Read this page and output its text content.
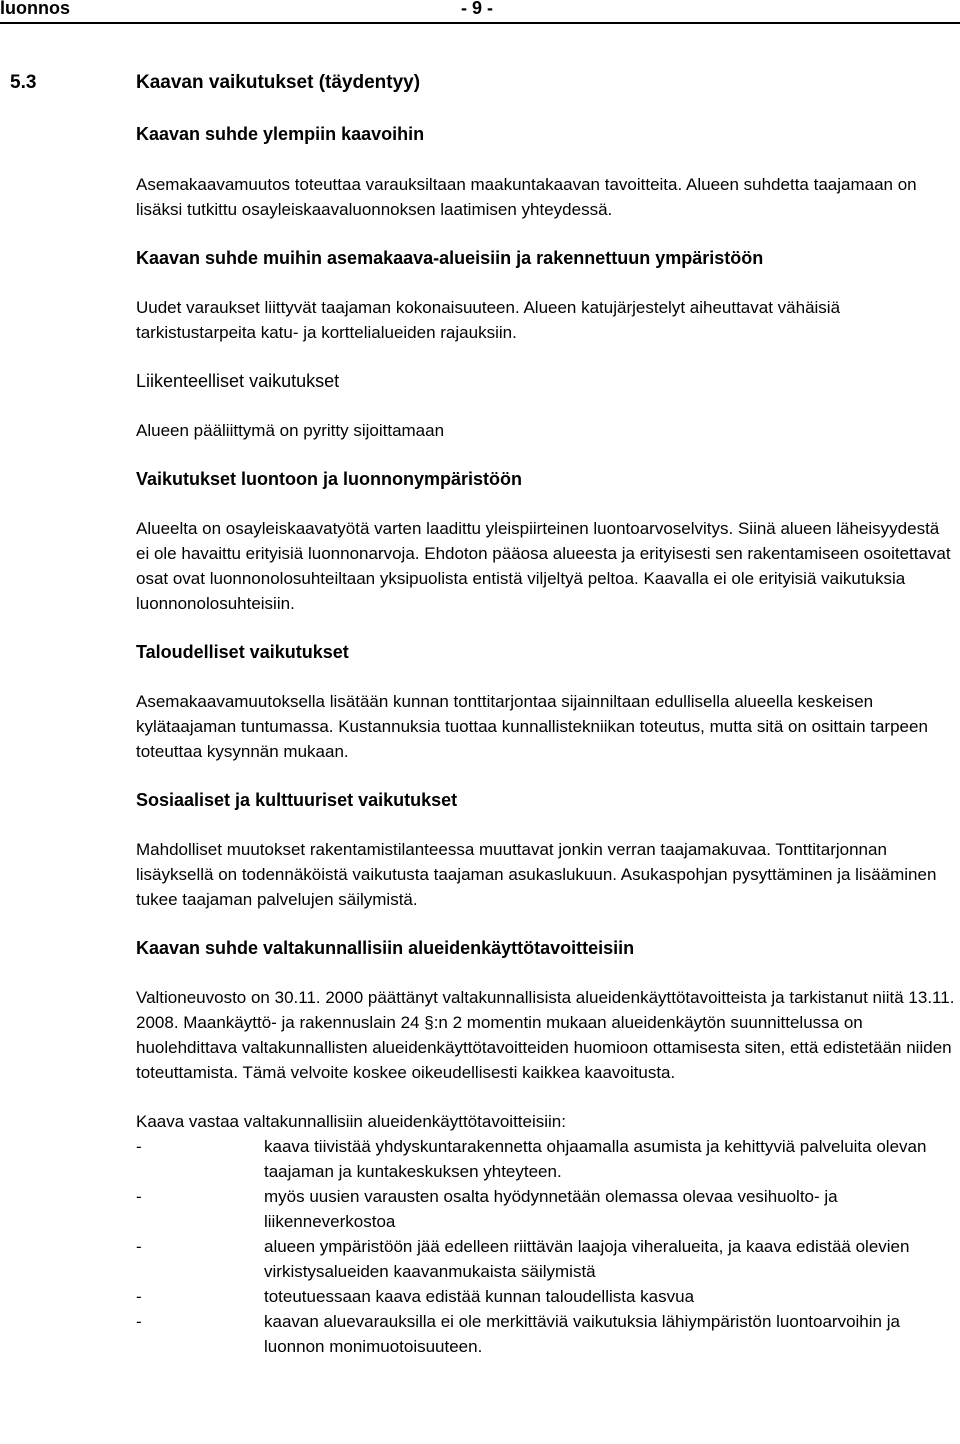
luonnos	- 9 -
5.3	Kaavan vaikutukset (täydentyy)

Kaavan suhde ylempiin kaavoihin

Asemakaavamuutos toteuttaa varauksiltaan maakuntakaavan tavoitteita. Alueen suhdetta taajamaan on lisäksi tutkittu osayleiskaavaluonnoksen laatimisen yhteydessä.

Kaavan suhde muihin asemakaava-alueisiin ja rakennettuun ympäristöön

Uudet varaukset liittyvät taajaman kokonaisuuteen. Alueen katujärjestelyt aiheuttavat vähäisiä tarkistustarpeita katu- ja korttelialueiden rajauksiin.

Liikenteelliset vaikutukset

Alueen pääliittymä on pyritty sijoittamaan

Vaikutukset luontoon ja luonnonympäristöön

Alueelta on osayleiskaavatyötä varten laadittu yleispiirteinen luontoarvoselvitys. Siinä alueen läheisyydestä ei ole havaittu erityisiä luonnonarvoja. Ehdoton pääosa alueesta ja erityisesti sen rakentamiseen osoitettavat osat ovat luonnonolosuhteiltaan yksipuolista entistä viljeltyä peltoa. Kaavalla ei ole erityisiä vaikutuksia luonnonolosuhteisiin.

Taloudelliset vaikutukset

Asemakaavamuutoksella lisätään kunnan tonttitarjontaa sijainniltaan edullisella alueella keskeisen kylätaajaman tuntumassa. Kustannuksia tuottaa kunnallistekniikan toteutus, mutta sitä on osittain tarpeen toteuttaa kysynnän mukaan.

Sosiaaliset ja kulttuuriset vaikutukset

Mahdolliset muutokset rakentamistilanteessa muuttavat jonkin verran taajamakuvaa. Tonttitarjonnan lisäyksellä on todennäköistä vaikutusta taajaman asukaslukuun. Asukaspohjan pysyttäminen ja lisääminen tukee taajaman palvelujen säilymistä.

Kaavan suhde valtakunnallisiin alueidenkäyttötavoitteisiin

Valtioneuvosto on 30.11. 2000 päättänyt valtakunnallisista alueidenkäyttötavoitteista ja tarkistanut niitä 13.11. 2008. Maankäyttö- ja rakennuslain 24 §:n 2 momentin mukaan alueidenkäytön suunnittelussa on huolehdittava valtakunnallisten alueidenkäyttötavoitteiden huomioon ottamisesta siten, että edistetään niiden toteuttamista. Tämä velvoite koskee oikeudellisesti kaikkea kaavoitusta.

Kaava vastaa valtakunnallisiin alueidenkäyttötavoitteisiin:

-	kaava tiivistää yhdyskuntarakennetta ohjaamalla asumista ja kehittyviä palveluita olevan taajaman ja kuntakeskuksen yhteyteen.
-	myös uusien varausten osalta hyödynnetään olemassa olevaa vesihuolto- ja liikenneverkostoa
-	alueen ympäristöön jää edelleen riittävän laajoja viheralueita, ja kaava edistää olevien virkistysalueiden kaavanmukaista säilymistä
-	toteutuessaan kaava edistää kunnan taloudellista kasvua
-	kaavan aluevarauksilla ei ole merkittäviä vaikutuksia lähiympäristön luontoarvoihin ja luonnon monimuotoisuuteen.
